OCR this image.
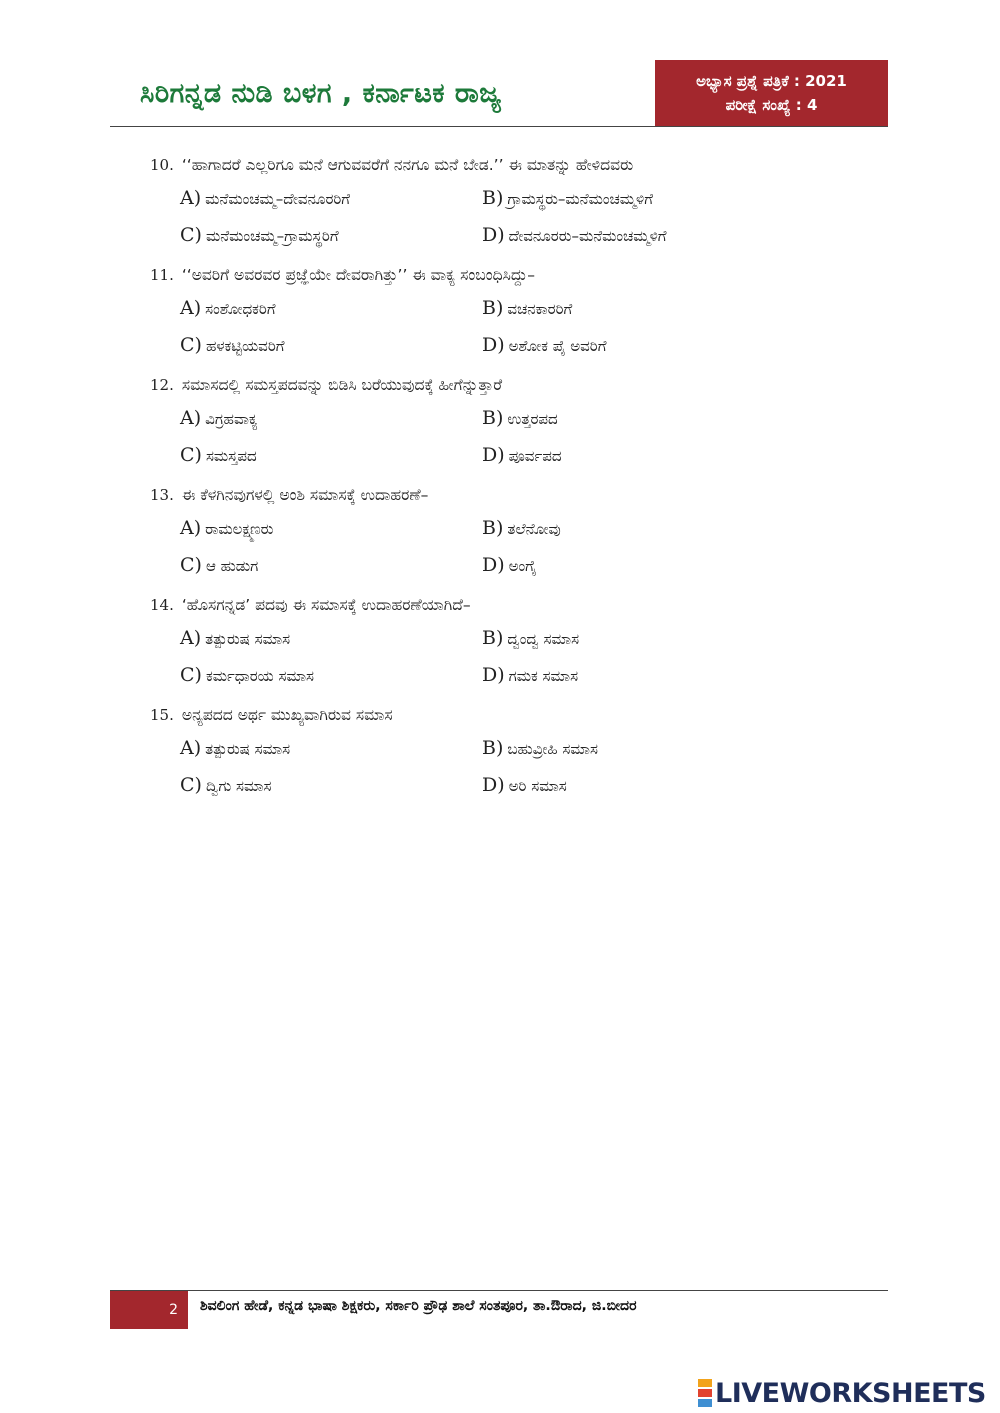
ಸಿರಿಗನ್ನಡ ನುಡಿ ಬಳಗ , ಕರ್ನಾಟಕ ರಾಜ್ಯ	ಅಭ್ಯಾಸ ಪ್ರಶ್ನೆ ಪತ್ರಿಕೆ : 2021
ಪರೀಕ್ಷೆ ಸಂಖ್ಯೆ : 4
10. ‘‘ಹಾಗಾದರೆ ಎಲ್ಲರಿಗೂ ಮನೆ ಆಗುವವರೆಗೆ ನನಗೂ ಮನೆ ಬೇಡ.’’ ಈ ಮಾತನ್ನು ಹೇಳಿದವರು
A) ಮನೆಮಂಚಮ್ಮ–ದೇವನೂರರಿಗೆ	B) ಗ್ರಾಮಸ್ಥರು–ಮನೆಮಂಚಮ್ಮಳಿಗೆ
C) ಮನೆಮಂಚಮ್ಮ–ಗ್ರಾಮಸ್ಥರಿಗೆ	D) ದೇವನೂರರು–ಮನೆಮಂಚಮ್ಮಳಿಗೆ
11. ‘‘ಅವರಿಗೆ ಅವರವರ ಪ್ರಜ್ಞೆಯೇ ದೇವರಾಗಿತ್ತು’’ ಈ ವಾಕ್ಯ ಸಂಬಂಧಿಸಿದ್ದು–
A) ಸಂಶೋಧಕರಿಗೆ	B) ವಚನಕಾರರಿಗೆ
C) ಹಳಕಟ್ಟಿಯವರಿಗೆ	D) ಅಶೋಕ ಪೈ ಅವರಿಗೆ
12. ಸಮಾಸದಲ್ಲಿ ಸಮಸ್ತಪದವನ್ನು ಬಿಡಿಸಿ ಬರೆಯುವುದಕ್ಕೆ ಹೀಗೆನ್ನುತ್ತಾರೆ
A) ವಿಗ್ರಹವಾಕ್ಯ	B) ಉತ್ತರಪದ
C) ಸಮಸ್ತಪದ	D) ಪೂರ್ವಪದ
13. ಈ ಕೆಳಗಿನವುಗಳಲ್ಲಿ ಅಂಶಿ ಸಮಾಸಕ್ಕೆ ಉದಾಹರಣೆ–
A) ರಾಮಲಕ್ಷ್ಮಣರು	B) ತಲೆನೋವು
C) ಆ ಹುಡುಗ	D) ಅಂಗೈ
14. ‘ಹೊಸಗನ್ನಡ’ ಪದವು ಈ ಸಮಾಸಕ್ಕೆ ಉದಾಹರಣೆಯಾಗಿದೆ–
A) ತತ್ಪುರುಷ ಸಮಾಸ	B) ದ್ವಂದ್ವ ಸಮಾಸ
C) ಕರ್ಮಧಾರಯ ಸಮಾಸ	D) ಗಮಕ ಸಮಾಸ
15. ಅನ್ಯಪದದ ಅರ್ಥ ಮುಖ್ಯವಾಗಿರುವ ಸಮಾಸ
A) ತತ್ಪುರುಷ ಸಮಾಸ	B) ಬಹುವ್ರೀಹಿ ಸಮಾಸ
C) ದ್ವಿಗು ಸಮಾಸ	D) ಅರಿ ಸಮಾಸ
2	ಶಿವಲಿಂಗ ಹೇಡೆ, ಕನ್ನಡ ಭಾಷಾ ಶಿಕ್ಷಕರು, ಸರ್ಕಾರಿ ಪ್ರೌಢ ಶಾಲೆ ಸಂತಪೂರ, ತಾ.ಔರಾದ, ಜಿ.ಬೀದರ
LIVEWORKSHEETS
